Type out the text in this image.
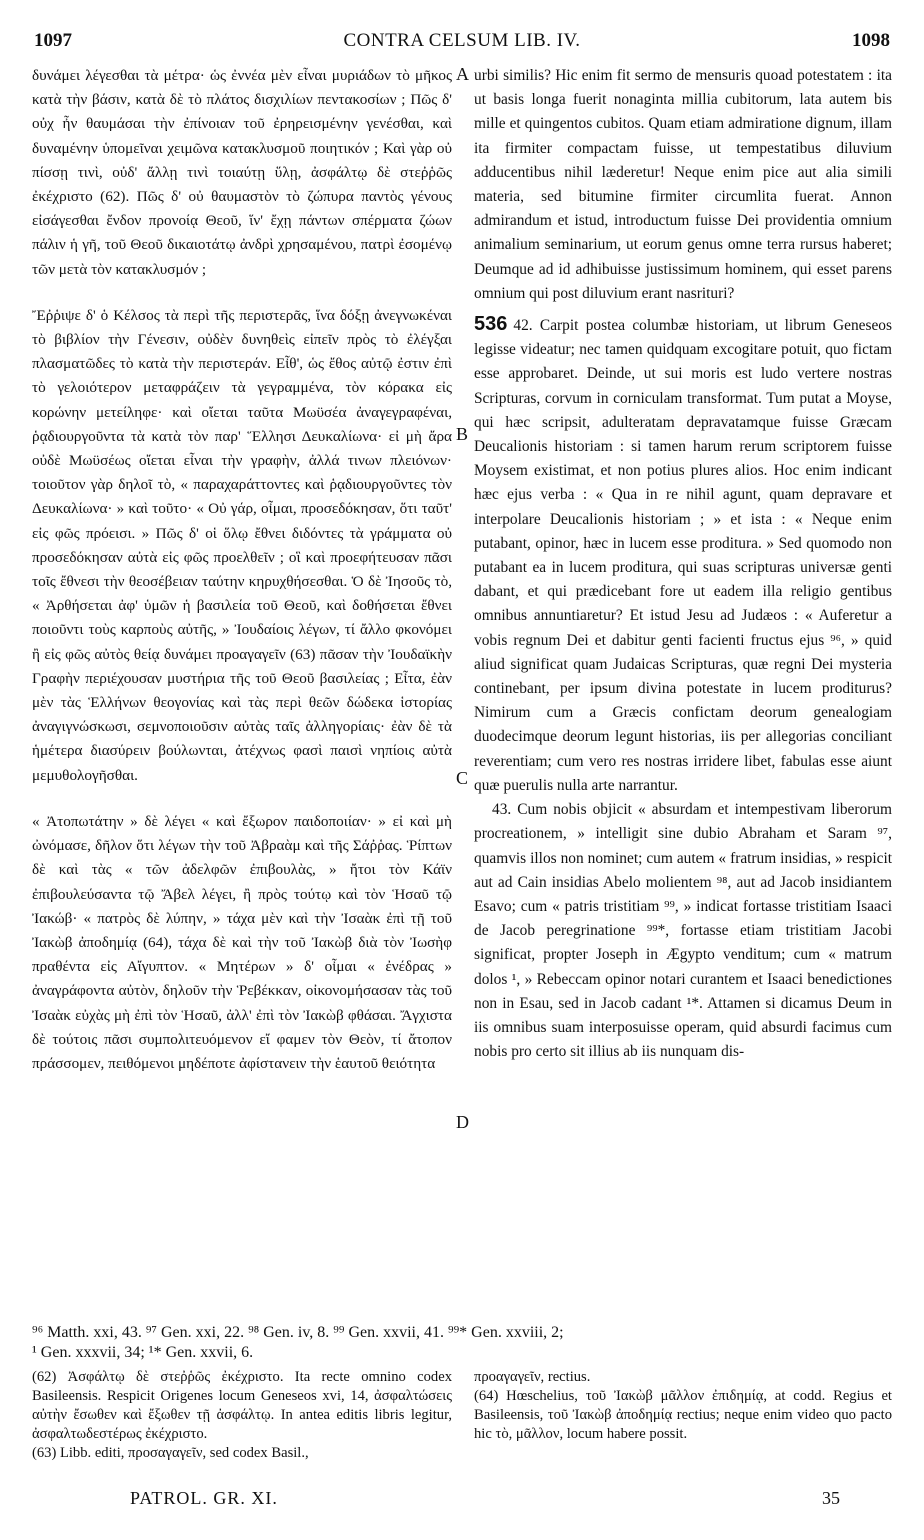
1097	CONTRA CELSUM LIB. IV.	1098

δυνάμει λέγεσθαι τὰ μέτρα· ὡς ἐννέα μὲν εἶναι μυριάδων τὸ μῆκος κατὰ τὴν βάσιν, κατὰ δὲ τὸ πλάτος δισχιλίων πεντακοσίων ; Πῶς δ' οὐχ ἦν θαυμάσαι τὴν ἐπίνοιαν τοῦ ἐρηρεισμένην γενέσθαι, καὶ δυναμένην ὑπομεῖναι χειμῶνα κατακλυσμοῦ ποιητικόν ; Καὶ γὰρ οὐ πίσσῃ τινὶ, οὐδ' ἄλλῃ τινὶ τοιαύτῃ ὕλῃ, ἀσφάλτῳ δὲ στεῤῥῶς ἐκέχριστο (62). Πῶς δ' οὐ θαυμαστὸν τὸ ζώπυρα παντὸς γένους εἰσάγεσθαι ἔνδον προνοίᾳ Θεοῦ, ἵν' ἔχῃ πάντων σπέρματα ζώων πάλιν ἡ γῆ, τοῦ Θεοῦ δικαιοτάτῳ ἀνδρὶ χρησαμένου, πατρὶ ἐσομένῳ τῶν μετὰ τὸν κατακλυσμόν ;

Ἔῤῥιψε δ' ὁ Κέλσος τὰ περὶ τῆς περιστερᾶς, ἵνα δόξῃ ἀνεγνωκέναι τὸ βιβλίον τὴν Γένεσιν, οὐδὲν δυνηθεὶς εἰπεῖν πρὸς τὸ ἐλέγξαι πλασματῶδες τὸ κατὰ τὴν περιστεράν. Εἶθ', ὡς ἔθος αὐτῷ ἐστιν ἐπὶ τὸ γελοιότερον μεταφράζειν τὰ γεγραμμένα, τὸν κόρακα εἰς κορώνην μετείληφε· καὶ οἴεται ταῦτα Μωϋσέα ἀναγεγραφέναι, ῥᾳδιουργοῦντα τὰ κατὰ τὸν παρ' Ἕλλησι Δευκαλίωνα· εἰ μὴ ἄρα οὐδὲ Μωϋσέως οἴεται εἶναι τὴν γραφὴν, ἀλλά τινων πλειόνων· τοιοῦτον γὰρ δηλοῖ τὸ, « παραχαράττοντες καὶ ῥᾳδιουργοῦντες τὸν Δευκαλίωνα· » καὶ τοῦτο· « Οὐ γάρ, οἶμαι, προσεδόκησαν, ὅτι ταῦτ' εἰς φῶς πρόεισι. » Πῶς δ' οἱ ὅλῳ ἔθνει διδόντες τὰ γράμματα οὐ προσεδόκησαν αὐτὰ εἰς φῶς προελθεῖν ; οἳ καὶ προεφήτευσαν πᾶσι τοῖς ἔθνεσι τὴν θεοσέβειαν ταύτην κηρυχθήσεσθαι. Ὁ δὲ Ἰησοῦς τὸ, « Ἀρθήσεται ἀφ' ὑμῶν ἡ βασιλεία τοῦ Θεοῦ, καὶ δοθήσεται ἔθνει ποιοῦντι τοὺς καρποὺς αὐτῆς, » Ἰουδαίοις λέγων, τί ἄλλο φκονόμει ἢ εἰς φῶς αὐτὸς θείᾳ δυνάμει προαγαγεῖν (63) πᾶσαν τὴν Ἰουδαϊκὴν Γραφὴν περιέχουσαν μυστήρια τῆς τοῦ Θεοῦ βασιλείας ; Εἶτα, ἐὰν μὲν τὰς Ἑλλήνων θεογονίας καὶ τὰς περὶ θεῶν δώδεκα ἱστορίας ἀναγιγνώσκωσι, σεμνοποιοῦσιν αὐτὰς ταῖς ἀλληγορίαις· ἐὰν δὲ τὰ ἡμέτερα διασύρειν βούλωνται, ἀτέχνως φασὶ παισὶ νηπίοις αὐτὰ μεμυθολογῆσθαι.

« Ἀτοπωτάτην » δὲ λέγει « καὶ ἔξωρον παιδοποιίαν· » εἰ καὶ μὴ ὠνόμασε, δῆλον ὅτι λέγων τὴν τοῦ Ἀβραὰμ καὶ τῆς Σάῤῥας. Ῥίπτων δὲ καὶ τὰς « τῶν ἀδελφῶν ἐπιβουλὰς, » ἤτοι τὸν Κάϊν ἐπιβουλεύσαντα τῷ Ἄβελ λέγει, ἢ πρὸς τούτῳ καὶ τὸν Ἡσαῦ τῷ Ἰακώβ· « πατρὸς δὲ λύπην, » τάχα μὲν καὶ τὴν Ἰσαὰκ ἐπὶ τῇ τοῦ Ἰακὼβ ἀποδημίᾳ (64), τάχα δὲ καὶ τὴν τοῦ Ἰακὼβ διὰ τὸν Ἰωσὴφ πραθέντα εἰς Αἴγυπτον. « Μητέρων » δ' οἶμαι « ἐνέδρας » ἀναγράφοντα αὐτὸν, δηλοῦν τὴν Ῥεβέκκαν, οἰκονομήσασαν τὰς τοῦ Ἰσαὰκ εὐχὰς μὴ ἐπὶ τὸν Ἡσαῦ, ἀλλ' ἐπὶ τὸν Ἰακὼβ φθάσαι. Ἄγχιστα δὲ τούτοις πᾶσι συμπολιτευόμενον εἴ φαμεν τὸν Θεὸν, τί ἄτοπον πράσσομεν, πειθόμενοι μηδέποτε ἀφίστανειν τὴν ἑαυτοῦ θειότητα

A
B
C
D

urbi similis? Hic enim fit sermo de mensuris quoad potestatem : ita ut basis longa fuerit nonaginta millia cubitorum, lata autem bis mille et quingentos cubitos. Quam etiam admiratione dignum, illam ita firmiter compactam fuisse, ut tempestatibus diluvium adducentibus nihil læderetur! Neque enim pice aut alia simili materia, sed bitumine firmiter circumlita fuerat. Annon admirandum et istud, introductum fuisse Dei providentia omnium animalium seminarium, ut eorum genus omne terra rursus haberet; Deumque ad id adhibuisse justissimum hominem, qui esset parens omnium qui post diluvium erant nasrituri?

536 42. Carpit postea columbæ historiam, ut librum Geneseos legisse videatur; nec tamen quidquam excogitare potuit, quo fictam esse approbaret. Deinde, ut sui moris est ludo vertere nostras Scripturas, corvum in corniculam transformat. Tum putat a Moyse, qui hæc scripsit, adulteratam depravatamque fuisse Græcam Deucalionis historiam : si tamen harum rerum scriptorem fuisse Moysem existimat, et non potius plures alios. Hoc enim indicant hæc ejus verba : « Qua in re nihil agunt, quam depravare et interpolare Deucalionis historiam ; » et ista : « Neque enim putabant, opinor, hæc in lucem esse proditura. » Sed quomodo non putabant ea in lucem proditura, qui suas scripturas universæ genti dabant, et qui prædicebant fore ut eadem illa religio gentibus omnibus annuntiaretur? Et istud Jesu ad Judæos : « Auferetur a vobis regnum Dei et dabitur genti facienti fructus ejus ⁹⁶, » quid aliud significat quam Judaicas Scripturas, quæ regni Dei mysteria continebant, per ipsum divina potestate in lucem proditurus? Nimirum cum a Græcis confictam deorum genealogiam duodecimque deorum legunt historias, iis per allegorias conciliant reverentiam; cum vero res nostras irridere libet, fabulas esse aiunt quæ puerulis nulla arte narrantur.

43. Cum nobis objicit « absurdam et intempestivam liberorum procreationem, » intelligit sine dubio Abraham et Saram ⁹⁷, quamvis illos non nominet; cum autem « fratrum insidias, » respicit aut ad Cain insidias Abelo molientem ⁹⁸, aut ad Jacob insidiantem Esavo; cum « patris tristitiam ⁹⁹, » indicat fortasse tristitiam Isaaci de Jacob peregrinatione ⁹⁹*, fortasse etiam tristitiam Jacobi significat, propter Joseph in Ægypto venditum; cum « matrum dolos ¹, » Rebeccam opinor notari curantem et Isaaci benedictiones non in Esau, sed in Jacob cadant ¹*. Attamen si dicamus Deum in iis omnibus suam interposuisse operam, quid absurdi facimus cum nobis pro certo sit illius ab iis nunquam dis-

⁹⁶ Matth. xxi, 43. ⁹⁷ Gen. xxi, 22. ⁹⁸ Gen. iv, 8. ⁹⁹ Gen. xxvii, 41. ⁹⁹* Gen. xxviii, 2;
¹ Gen. xxxvii, 34; ¹* Gen. xxvii, 6.

(62) Ἀσφάλτῳ δὲ στεῤῥῶς ἐκέχριστο. Ita recte omnino codex Basileensis. Respicit Origenes locum Geneseos xvi, 14, ἀσφαλτώσεις αὐτὴν ἔσωθεν καὶ ἔξωθεν τῇ ἀσφάλτῳ. In antea editis libris legitur, ἀσφαλτωδεστέρως ἐκέχριστο.

(63) Libb. editi, προσαγαγεῖν, sed codex Basil.,

προαγαγεῖν, rectius.

(64) Hœschelius, τοῦ Ἰακὼβ μᾶλλον ἐπιδημίᾳ, at codd. Regius et Basileensis, τοῦ Ἰακὼβ ἀποδημίᾳ rectius; neque enim video quo pacto hic τὸ, μᾶλλον, locum habere possit.

PATROL. GR. XI.	35
